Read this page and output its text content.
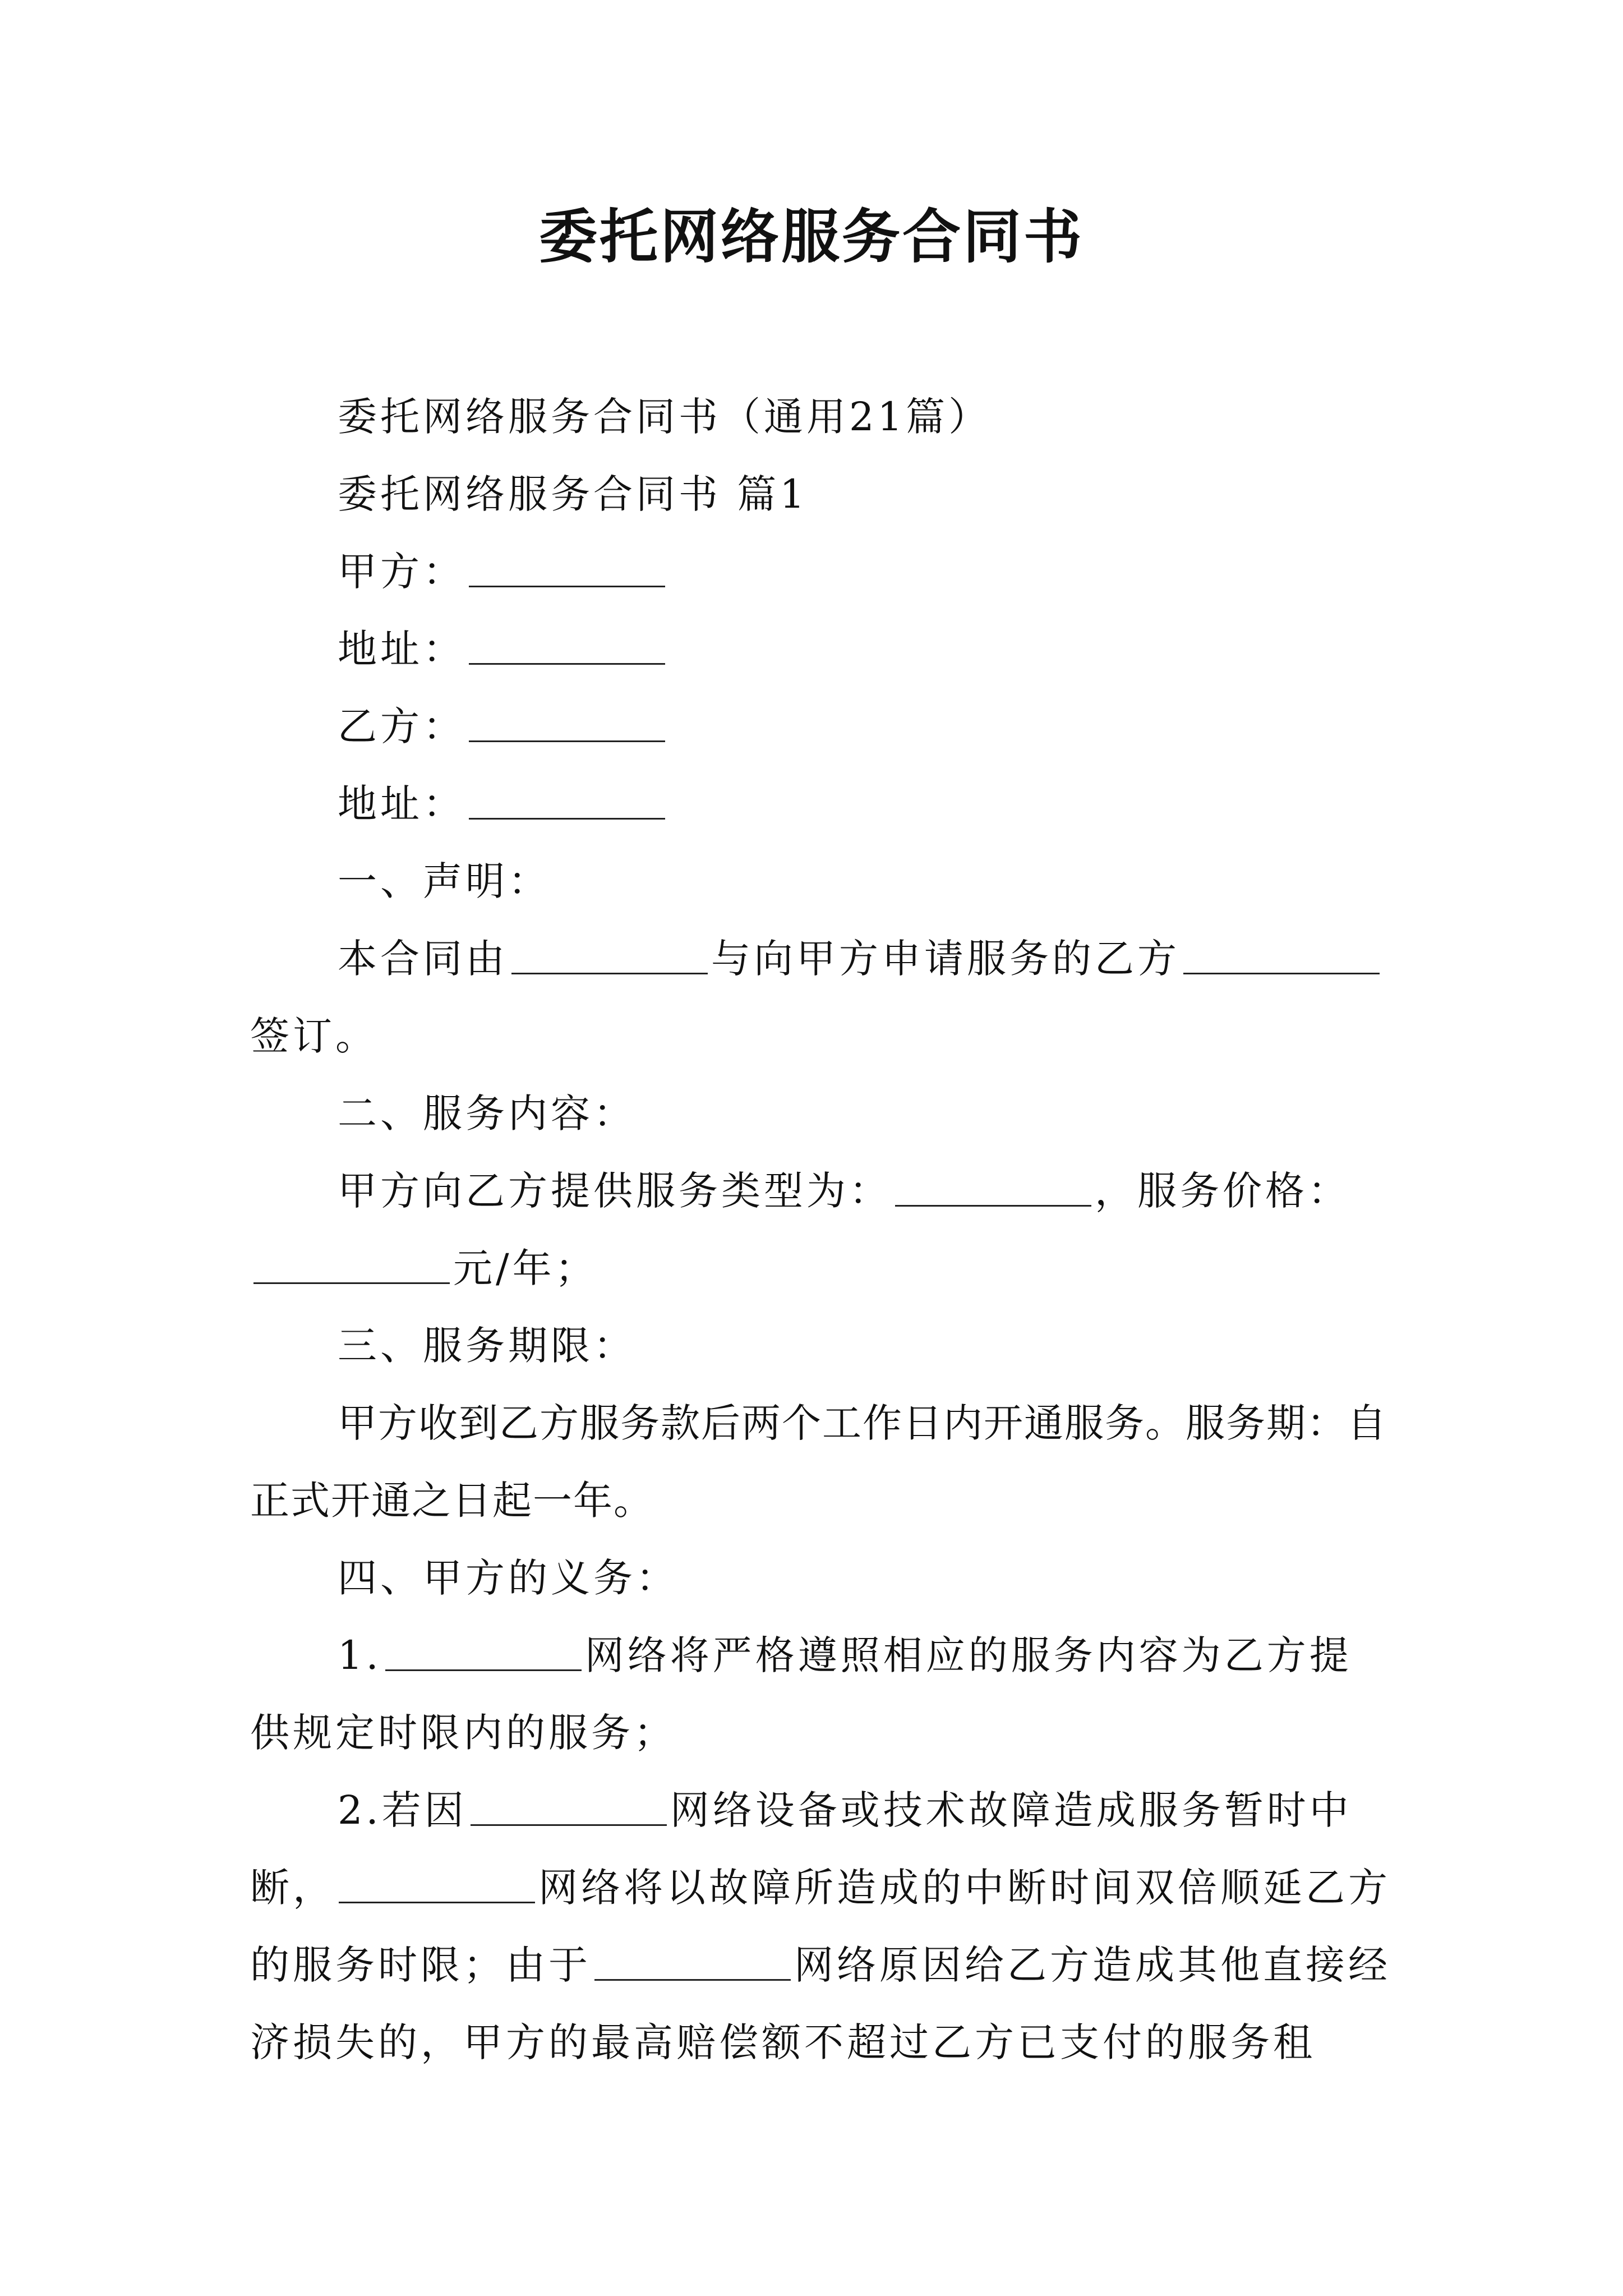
委托网络服务合同书

委托网络服务合同书（通用21篇）

委托网络服务合同书 篇1

甲方：

地址：

乙方：

地址：

一、声明：

本合同由	与向甲方申请服务的乙方签订。

二、服务内容：

甲方向乙方提供服务类型为：	，服务价格：元/年；

三、服务期限：

甲方收到乙方服务款后两个工作日内开通服务。服务期：自正式开通之日起一年。

四、甲方的义务：

1.	网络将严格遵照相应的服务内容为乙方提供规定时限内的服务；

2.若因	网络设备或技术故障造成服务暂时中断，	网络将以故障所造成的中断时间双倍顺延乙方的服务时限；由于	网络原因给乙方造成其他直接经济损失的，甲方的最高赔偿额不超过乙方已支付的服务租
